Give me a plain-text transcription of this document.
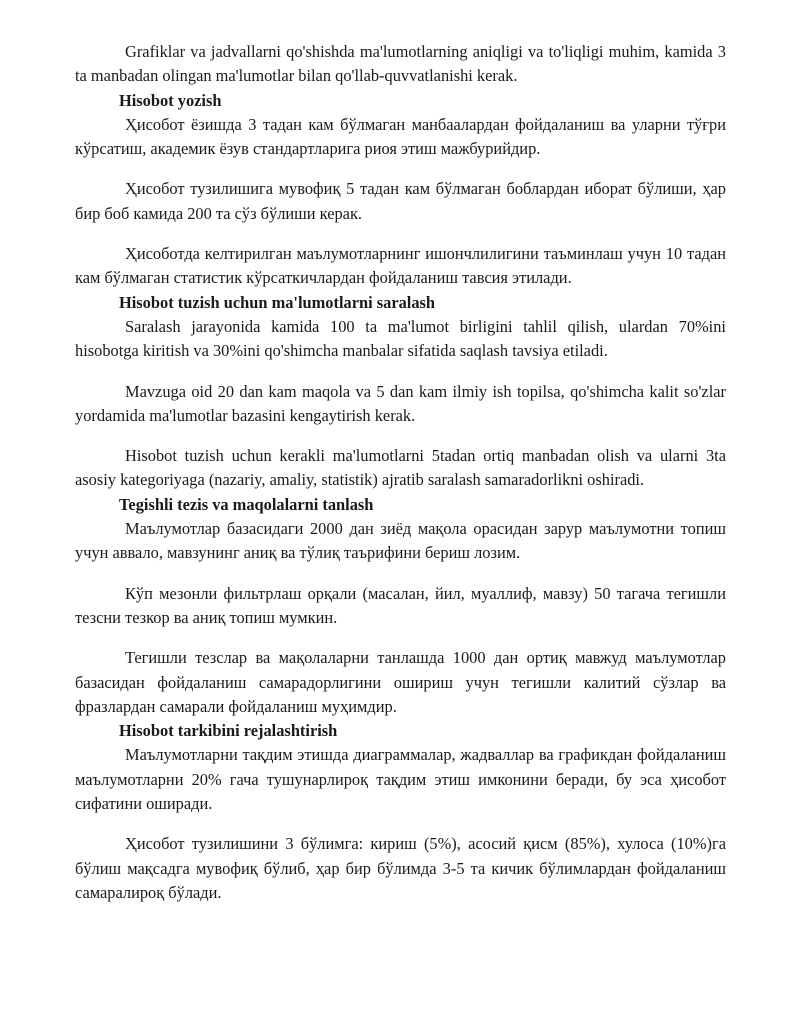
Grafiklar va jadvallarni qo'shishda ma'lumotlarning aniqligi va to'liqligi muhim, kamida 3 ta manbadan olingan ma'lumotlar bilan qo'llab-quvvatlanishi kerak.

Hisobot yozish

Ҳисобот ёзишда 3 тадан кам бўлмаган манбаалардан фойдаланиш ва уларни тўғри кўрсатиш, академик ёзув стандартларига риоя этиш мажбурийдир.

Ҳисобот тузилишига мувофиқ 5 тадан кам бўлмаган боблардан иборат бўлиши, ҳар бир боб камида 200 та сўз бўлиши керак.

Ҳисоботда келтирилган маълумотларнинг ишончлилигини таъминлаш учун 10 тадан кам бўлмаган статистик кўрсаткичлардан фойдаланиш тавсия этилади.

Hisobot tuzish uchun ma'lumotlarni saralash

Saralash jarayonida kamida 100 ta ma'lumot birligini tahlil qilish, ulardan 70%ini hisobotga kiritish va 30%ini qo'shimcha manbalar sifatida saqlash tavsiya etiladi.

Mavzuga oid 20 dan kam maqola va 5 dan kam ilmiy ish topilsa, qo'shimcha kalit so'zlar yordamida ma'lumotlar bazasini kengaytirish kerak.

Hisobot tuzish uchun kerakli ma'lumotlarni 5tadan ortiq manbadan olish va ularni 3ta asosiy kategoriyaga (nazariy, amaliy, statistik) ajratib saralash samaradorlikni oshiradi.

Tegishli tezis va maqolalarni tanlash

Маълумотлар базасидаги 2000 дан зиёд мақола орасидан зарур маълумотни топиш учун аввало, мавзунинг аниқ ва тўлиқ таърифини бериш лозим.

Кўп мезонли фильтрлаш орқали (масалан, йил, муаллиф, мавзу) 50 тагача тегишли тезсни тезкор ва аниқ топиш мумкин.

Тегишли тезслар ва мақолаларни танлашда 1000 дан ортиқ мавжуд маълумотлар базасидан фойдаланиш самарадорлигини ошириш учун тегишли калитий сўзлар ва фразлардан самарали фойдаланиш муҳимдир.

Hisobot tarkibini rejalashtirish

Маълумотларни тақдим этишда диаграммалар, жадваллар ва графикдан фойдаланиш маълумотларни 20% гача тушунарлироқ тақдим этиш имконини беради, бу эса ҳисобот сифатини оширади.

Ҳисобот тузилишини 3 бўлимга: кириш (5%), асосий қисм (85%), хулоса (10%)га бўлиш мақсадга мувофиқ бўлиб, ҳар бир бўлимда 3-5 та кичик бўлимлардан фойдаланиш самаралироқ бўлади.
